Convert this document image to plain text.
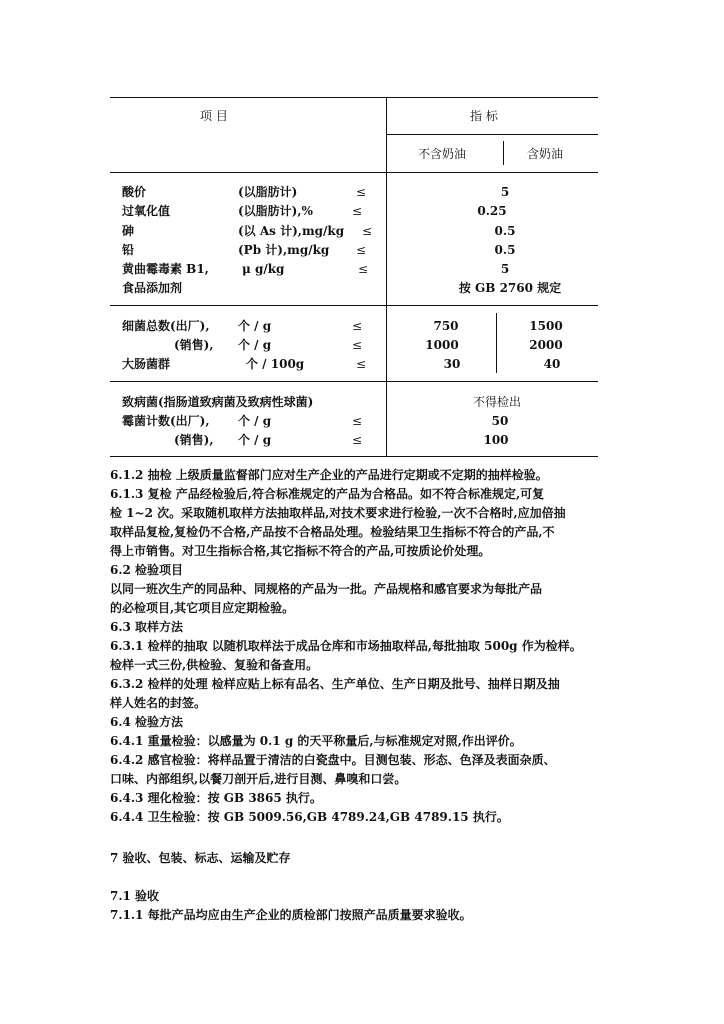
项 目	指 标
不含奶油	含奶油
酸价	(以脂肪计)	≤	5
过氧化值	(以脂肪计),%	≤	0.25
砷	(以 As 计),mg/kg ≤	0.5
铅	(Pb 计),mg/kg ≤	0.5
黄曲霉毒素 B1,	μ g/kg	≤	5
食品添加剂	按 GB 2760 规定
细菌总数(出厂), 个 / g	≤	750	1500
(销售), 个 / g	≤	1000	2000
大肠菌群	个 / 100g	≤	30	40
致病菌(指肠道致病菌及致病性球菌)	不得检出
霉菌计数(出厂), 个 / g	≤	50
(销售), 个 / g	≤	100

6.1.2 抽检 上级质量监督部门应对生产企业的产品进行定期或不定期的抽样检验。

6.1.3 复检 产品经检验后,符合标准规定的产品为合格品。如不符合标准规定,可复

检 1~2 次。采取随机取样方法抽取样品,对技术要求进行检验,一次不合格时,应加倍抽

取样品复检,复检仍不合格,产品按不合格品处理。检验结果卫生指标不符合的产品,不

得上市销售。对卫生指标合格,其它指标不符合的产品,可按质论价处理。

6.2 检验项目

以同一班次生产的同品种、同规格的产品为一批。产品规格和感官要求为每批产品

的必检项目,其它项目应定期检验。

6.3 取样方法

6.3.1 检样的抽取 以随机取样法于成品仓库和市场抽取样品,每批抽取 500g 作为检样。

检样一式三份,供检验、复验和备查用。

6.3.2 检样的处理 检样应贴上标有品名、生产单位、生产日期及批号、抽样日期及抽

样人姓名的封签。

6.4 检验方法

6.4.1 重量检验：以感量为 0.1 g 的天平称量后,与标准规定对照,作出评价。

6.4.2 感官检验：将样品置于清洁的白瓷盘中。目测包装、形态、色泽及表面杂质、

口味、内部组织,以餐刀剖开后,进行目测、鼻嗅和口尝。

6.4.3 理化检验：按 GB 3865 执行。

6.4.4 卫生检验：按 GB 5009.56,GB 4789.24,GB 4789.15 执行。

7 验收、包装、标志、运输及贮存
7.1 验收
7.1.1 每批产品均应由生产企业的质检部门按照产品质量要求验收。
